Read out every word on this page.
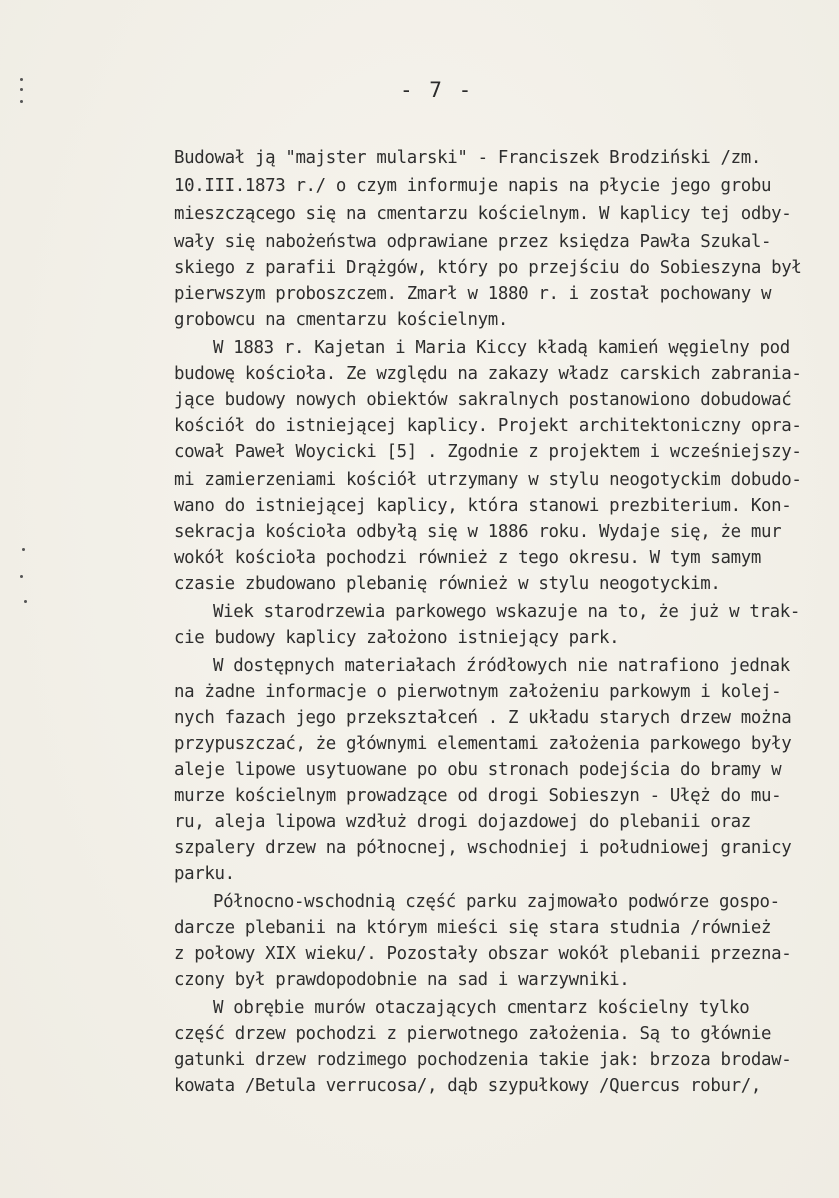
- 7 -
Budował ją "majster mularski" - Franciszek Brodziński /zm.
10.III.1873 r./ o czym informuje napis na płycie jego grobu
mieszczącego się na cmentarzu kościelnym. W kaplicy tej odby-
wały się nabożeństwa odprawiane przez księdza Pawła Szukal-
skiego z parafii Drążgów, który po przejściu do Sobieszyna był
pierwszym proboszczem. Zmarł w 1880 r. i został pochowany w
grobowcu na cmentarzu kościelnym.
W 1883 r. Kajetan i Maria Kiccy kładą kamień węgielny pod
budowę kościoła. Ze względu na zakazy władz carskich zabrania-
jące budowy nowych obiektów sakralnych postanowiono dobudować
kościół do istniejącej kaplicy. Projekt architektoniczny opra-
cował Paweł Woycicki [5] . Zgodnie z projektem i wcześniejszy-
mi zamierzeniami kościół utrzymany w stylu neogotyckim dobudo-
wano do istniejącej kaplicy, która stanowi prezbiterium. Kon-
sekracja kościoła odbyłą się w 1886 roku. Wydaje się, że mur
wokół kościoła pochodzi również z tego okresu. W tym samym
czasie zbudowano plebanię również w stylu neogotyckim.
Wiek starodrzewia parkowego wskazuje na to, że już w trak-
cie budowy kaplicy założono istniejący park.
W dostępnych materiałach źródłowych nie natrafiono jednak
na żadne informacje o pierwotnym założeniu parkowym i kolej-
nych fazach jego przekształceń . Z układu starych drzew można
przypuszczać, że głównymi elementami założenia parkowego były
aleje lipowe usytuowane po obu stronach podejścia do bramy w
murze kościelnym prowadzące od drogi Sobieszyn - Ułęż do mu-
ru, aleja lipowa wzdłuż drogi dojazdowej do plebanii oraz
szpalery drzew na północnej, wschodniej i południowej granicy
parku.
Północno-wschodnią część parku zajmowało podwórze gospo-
darcze plebanii na którym mieści się stara studnia /również
z połowy XIX wieku/. Pozostały obszar wokół plebanii przezna-
czony był prawdopodobnie na sad i warzywniki.
W obrębie murów otaczających cmentarz kościelny tylko
część drzew pochodzi z pierwotnego założenia. Są to głównie
gatunki drzew rodzimego pochodzenia takie jak: brzoza brodaw-
kowata /Betula verrucosa/, dąb szypułkowy /Quercus robur/,
